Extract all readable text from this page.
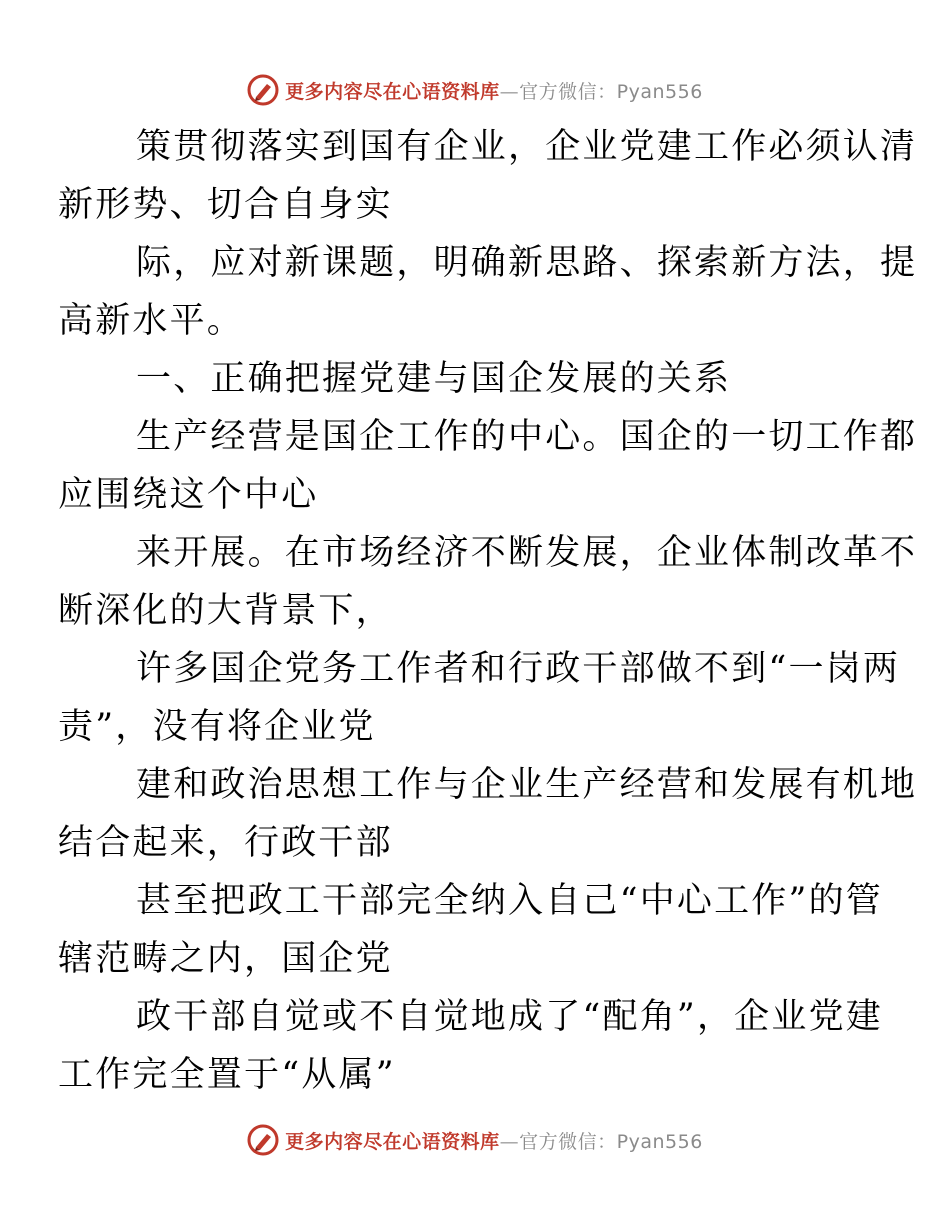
更多内容尽在心语资料库—官方微信：Pyan556

策贯彻落实到国有企业，企业党建工作必须认清
新形势、切合自身实

际，应对新课题，明确新思路、探索新方法，提
高新水平。

一、正确把握党建与国企发展的关系

生产经营是国企工作的中心。国企的一切工作都
应围绕这个中心

来开展。在市场经济不断发展，企业体制改革不
断深化的大背景下，

许多国企党务工作者和行政干部做不到“一岗两
责”，没有将企业党

建和政治思想工作与企业生产经营和发展有机地
结合起来，行政干部

甚至把政工干部完全纳入自己“中心工作”的管
辖范畴之内，国企党

政干部自觉或不自觉地成了“配角”，企业党建
工作完全置于“从属”

更多内容尽在心语资料库—官方微信：Pyan556
